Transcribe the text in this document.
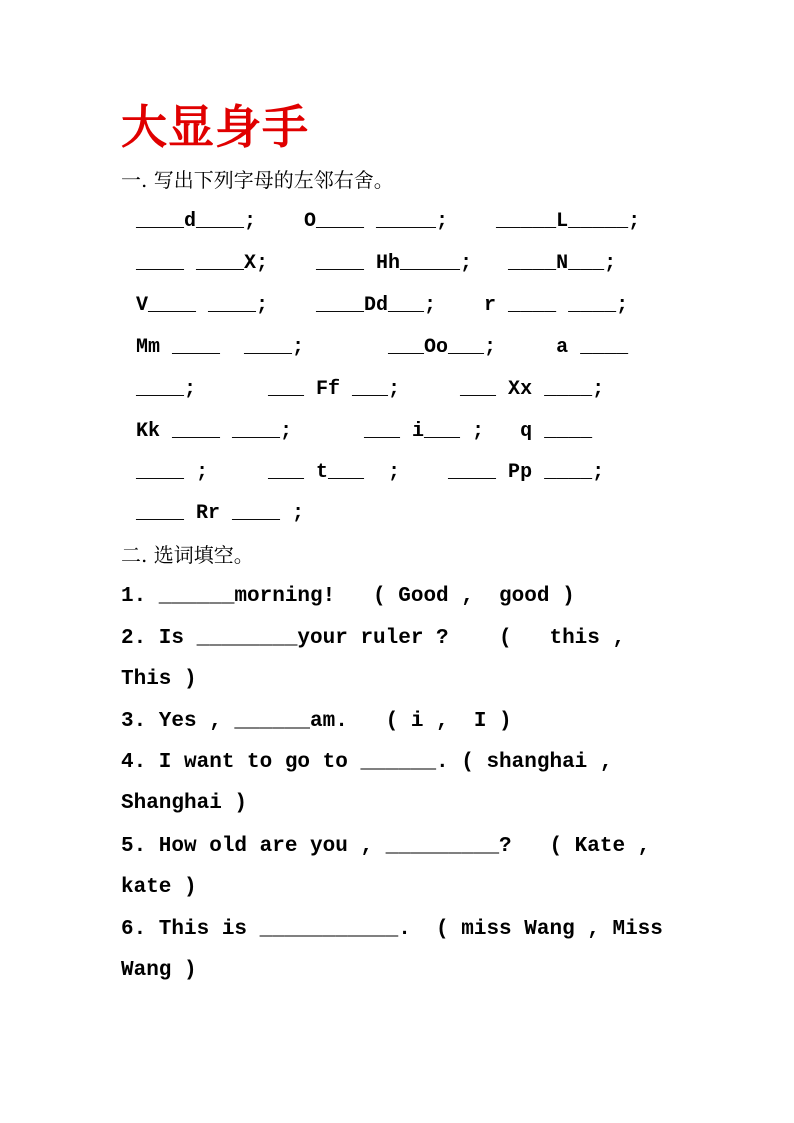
大显身手
一. 写出下列字母的左邻右舍。
____d____;    O____ _____;    _____L_____;
____ ____X;    ____ Hh_____;   ____N___;
V____ ____;    ____Dd___;    r ____ ____;
Mm ____  ____;       ___Oo___;     a ____
____;      ___ Ff ___;     ___ Xx ____;
Kk ____ ____;      ___ i___ ;   q ____
____ ;     ___ t___  ;    ____ Pp ____;
____ Rr ____ ;
二. 选词填空。
1. ______morning!   ( Good ,  good )
2. Is ________your ruler ?    (   this ,
This )
3. Yes , ______am.   ( i ,  I )
4. I want to go to ______. ( shanghai ,
Shanghai )
5. How old are you , _________?   ( Kate ,
kate )
6. This is ___________.  ( miss Wang , Miss
Wang )
